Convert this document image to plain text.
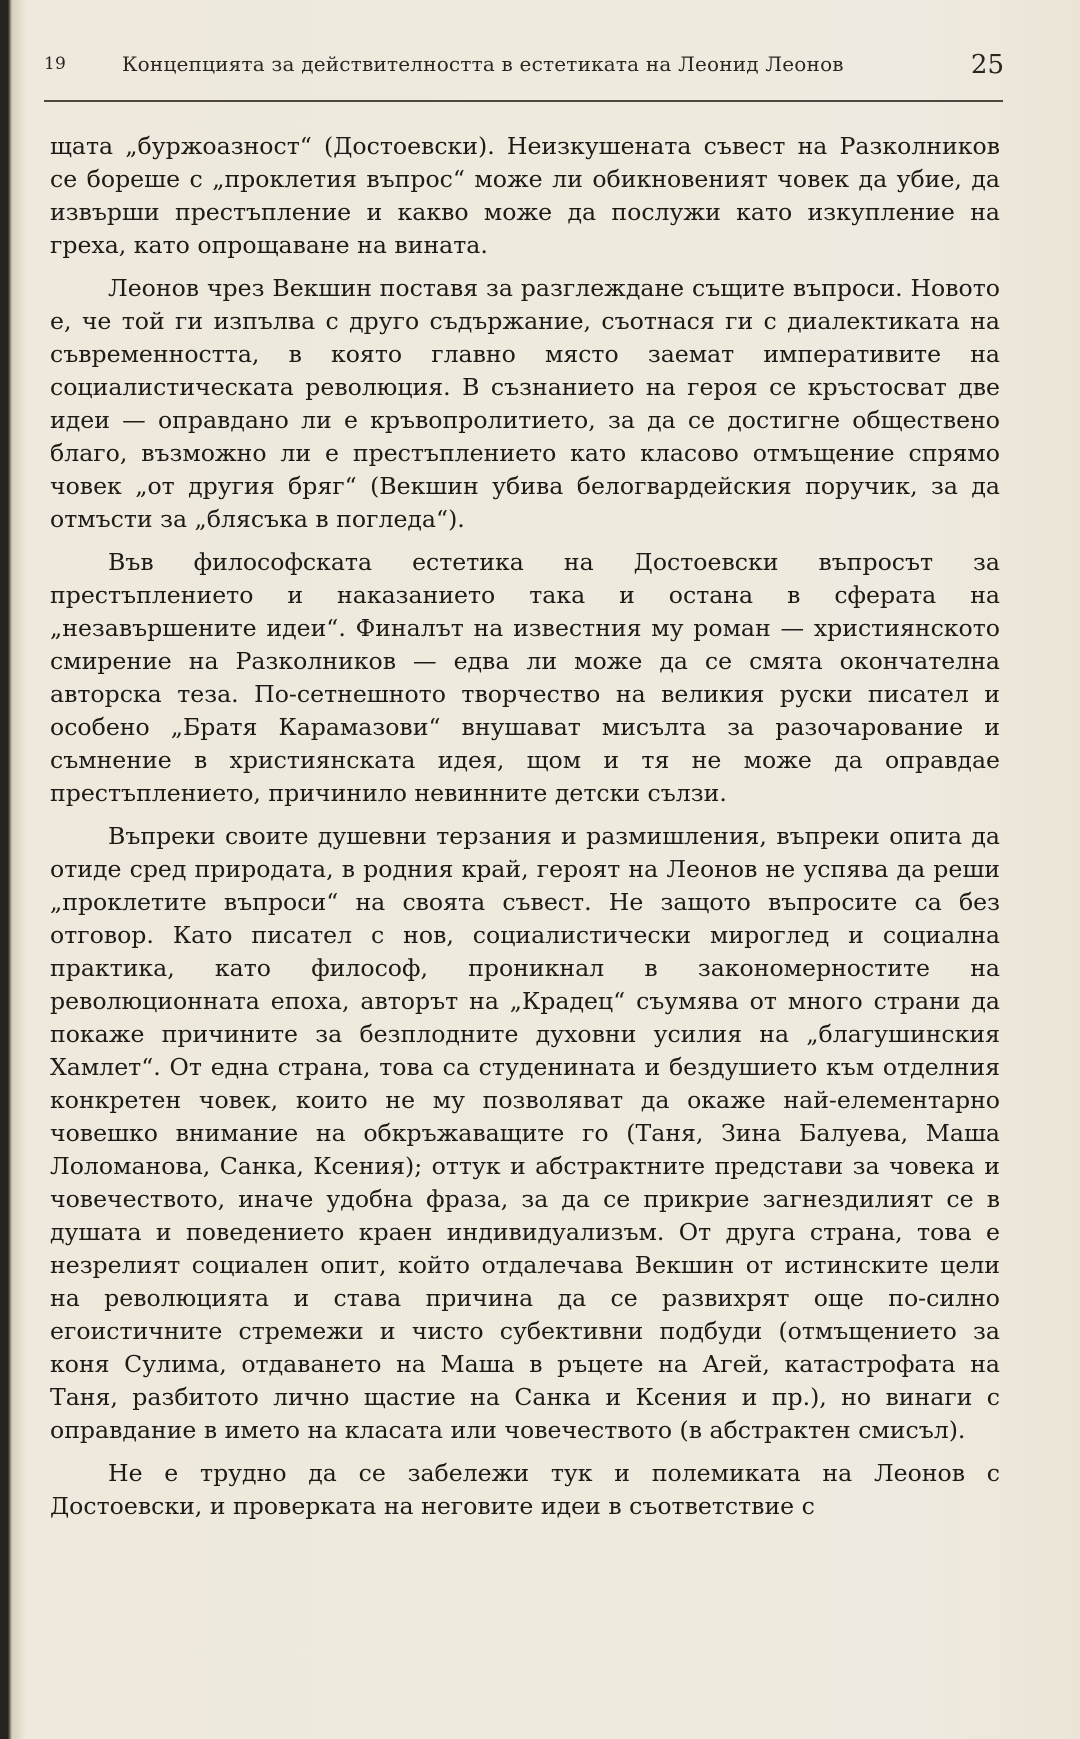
19	Концепцията за действителността в естетиката на Леонид Леонов	25

щата „буржоазност“ (Достоевски). Неизкушената съвест на Разколников се бореше с „проклетия въпрос“ може ли обикновеният човек да убие, да извърши престъпление и какво може да послужи като изкупление на греха, като опрощаване на вината.

Леонов чрез Векшин поставя за разглеждане същите въпроси. Новото е, че той ги изпълва с друго съдържание, съотнася ги с диалектиката на съвременността, в която главно място заемат императивите на социалистическата революция. В съзнанието на героя се кръстосват две идеи — оправдано ли е кръвопролитието, за да се достигне обществено благо, възможно ли е престъплението като класово отмъщение спрямо човек „от другия бряг“ (Векшин убива белогвардейския поручик, за да отмъсти за „блясъка в погледа“).

Във философската естетика на Достоевски въпросът за престъплението и наказанието така и остана в сферата на „незавършените идеи“. Финалът на известния му роман — християнското смирение на Разколников — едва ли може да се смята окончателна авторска теза. По-сетнешното творчество на великия руски писател и особено „Братя Карамазови“ внушават мисълта за разочарование и съмнение в християнската идея, щом и тя не може да оправдае престъплението, причинило невинните детски сълзи.

Въпреки своите душевни терзания и размишления, въпреки опита да отиде сред природата, в родния край, героят на Леонов не успява да реши „проклетите въпроси“ на своята съвест. Не защото въпросите са без отговор. Като писател с нов, социалистически мироглед и социална практика, като философ, проникнал в закономерностите на революционната епоха, авторът на „Крадец“ съумява от много страни да покаже причините за безплодните духовни усилия на „благушинския Хамлет“. От една страна, това са студенината и бездушието към отделния конкретен човек, които не му позволяват да окаже най-елементарно човешко внимание на обкръжаващите го (Таня, Зина Балуева, Маша Лоломанова, Санка, Ксения); оттук и абстрактните представи за човека и човечеството, иначе удобна фраза, за да се прикрие загнездилият се в душата и поведението краен индивидуализъм. От друга страна, това е незрелият социален опит, който отдалечава Векшин от истинските цели на революцията и става причина да се развихрят още по-силно егоистичните стремежи и чисто субективни подбуди (отмъщението за коня Сулима, отдаването на Маша в ръцете на Агей, катастрофата на Таня, разбитото лично щастие на Санка и Ксения и пр.), но винаги с оправдание в името на класата или човечеството (в абстрактен смисъл).

Не е трудно да се забележи тук и полемиката на Леонов с Достоевски, и проверката на неговите идеи в съответствие с
